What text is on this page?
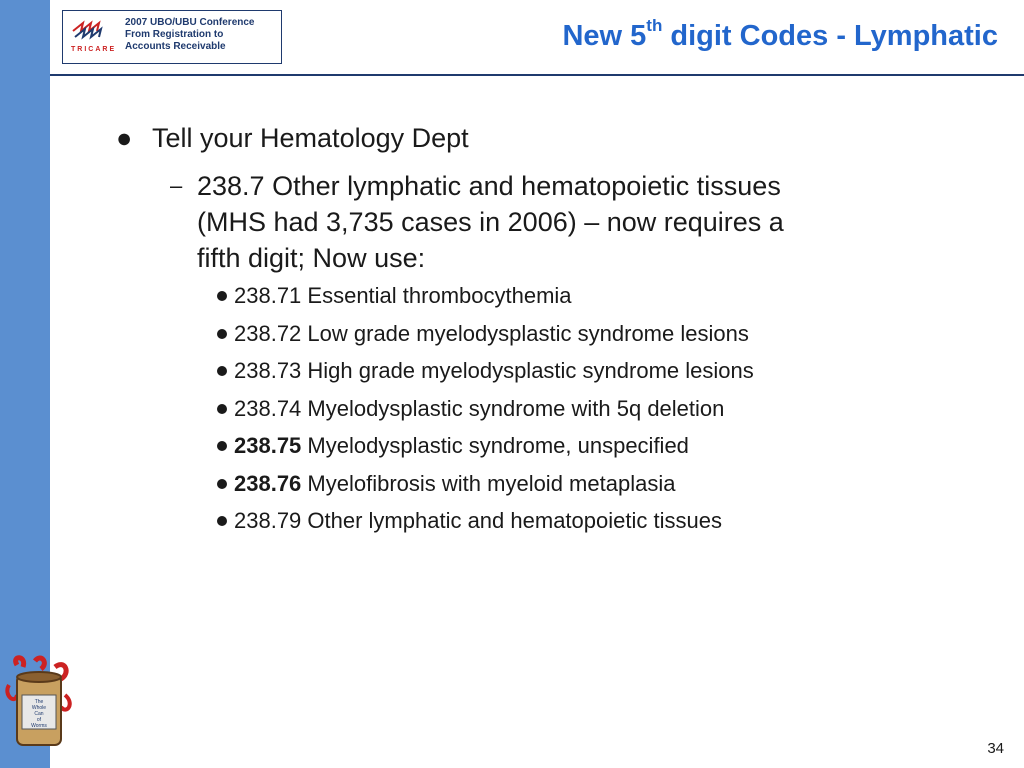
TRICARE
2007 UBO/UBU Conference
From Registration to
Accounts Receivable	New 5th digit Codes - Lymphatic
● Tell your Hematology Dept
– 238.7 Other lymphatic and hematopoietic tissues
(MHS had 3,735 cases in 2006) – now requires a
fifth digit; Now use:
238.71 Essential thrombocythemia
238.72 Low grade myelodysplastic syndrome lesions
238.73 High grade myelodysplastic syndrome lesions
238.74 Myelodysplastic syndrome with 5q deletion
238.75 Myelodysplastic syndrome, unspecified
238.76 Myelofibrosis with myeloid metaplasia
238.79 Other lymphatic and hematopoietic tissues
The
Whole
Can
of
Worms
34
